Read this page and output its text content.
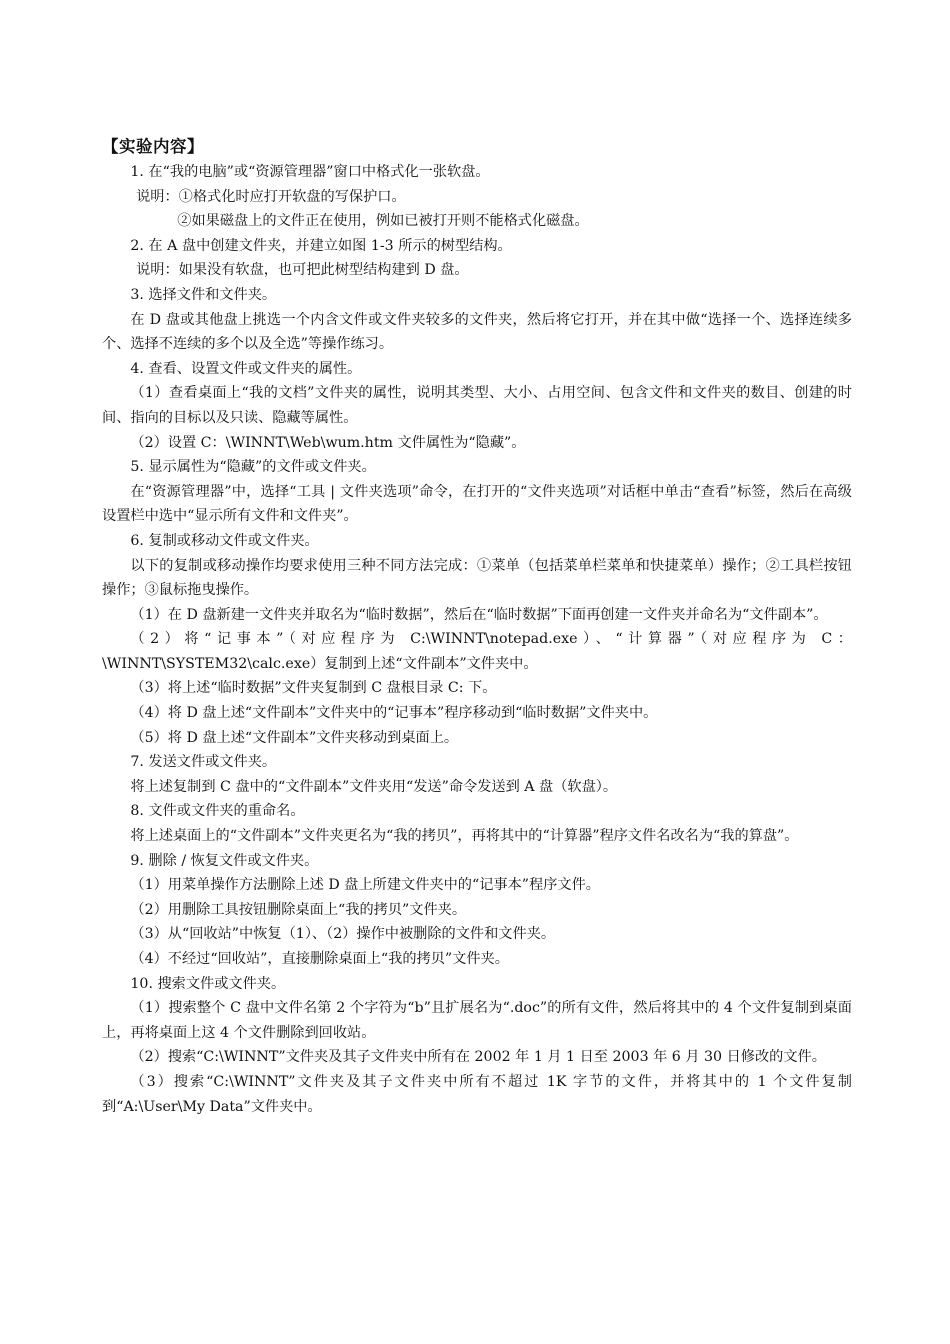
【实验内容】

1. 在“我的电脑”或“资源管理器”窗口中格式化一张软盘。

说明：①格式化时应打开软盘的写保护口。

②如果磁盘上的文件正在使用，例如已被打开则不能格式化磁盘。

2. 在 A 盘中创建文件夹，并建立如图 1-3 所示的树型结构。

说明：如果没有软盘，也可把此树型结构建到 D 盘。

3. 选择文件和文件夹。

在 D 盘或其他盘上挑选一个内含文件或文件夹较多的文件夹，然后将它打开，并在其中做“选择一个、选择连续多个、选择不连续的多个以及全选”等操作练习。

4. 查看、设置文件或文件夹的属性。

（1）查看桌面上“我的文档”文件夹的属性，说明其类型、大小、占用空间、包含文件和文件夹的数目、创建的时间、指向的目标以及只读、隐藏等属性。

（2）设置 C：\WINNT\Web\wum.htm 文件属性为“隐藏”。

5. 显示属性为“隐藏”的文件或文件夹。

在“资源管理器”中，选择“工具 | 文件夹选项”命令，在打开的“文件夹选项”对话框中单击“查看”标签，然后在高级设置栏中选中“显示所有文件和文件夹”。

6. 复制或移动文件或文件夹。

以下的复制或移动操作均要求使用三种不同方法完成：①菜单（包括菜单栏菜单和快捷菜单）操作；②工具栏按钮操作；③鼠标拖曳操作。

（1）在 D 盘新建一文件夹并取名为“临时数据”，然后在“临时数据”下面再创建一文件夹并命名为“文件副本”。

（2）将“记事本”（对应程序为 C:\WINNT\notepad.exe）、“计算器”（对应程序为 C：\WINNT\SYSTEM32\calc.exe）复制到上述“文件副本”文件夹中。

（3）将上述“临时数据”文件夹复制到 C 盘根目录 C: 下。

（4）将 D 盘上述“文件副本”文件夹中的“记事本”程序移动到“临时数据”文件夹中。

（5）将 D 盘上述“文件副本”文件夹移动到桌面上。

7. 发送文件或文件夹。

将上述复制到 C 盘中的“文件副本”文件夹用“发送”命令发送到 A 盘（软盘）。

8. 文件或文件夹的重命名。

将上述桌面上的“文件副本”文件夹更名为“我的拷贝”，再将其中的“计算器”程序文件名改名为“我的算盘”。

9. 删除 / 恢复文件或文件夹。

（1）用菜单操作方法删除上述 D 盘上所建文件夹中的“记事本”程序文件。

（2）用删除工具按钮删除桌面上“我的拷贝”文件夹。

（3）从“回收站”中恢复（1）、（2）操作中被删除的文件和文件夹。

（4）不经过“回收站”，直接删除桌面上“我的拷贝”文件夹。

10. 搜索文件或文件夹。

（1）搜索整个 C 盘中文件名第 2 个字符为“b”且扩展名为“.doc”的所有文件，然后将其中的 4 个文件复制到桌面上，再将桌面上这 4 个文件删除到回收站。

（2）搜索“C:\WINNT”文件夹及其子文件夹中所有在 2002 年 1 月 1 日至 2003 年 6 月 30 日修改的文件。

（3）搜索“C:\WINNT”文件夹及其子文件夹中所有不超过 1K 字节的文件，并将其中的 1 个文件复制到“A:\User\My Data”文件夹中。
